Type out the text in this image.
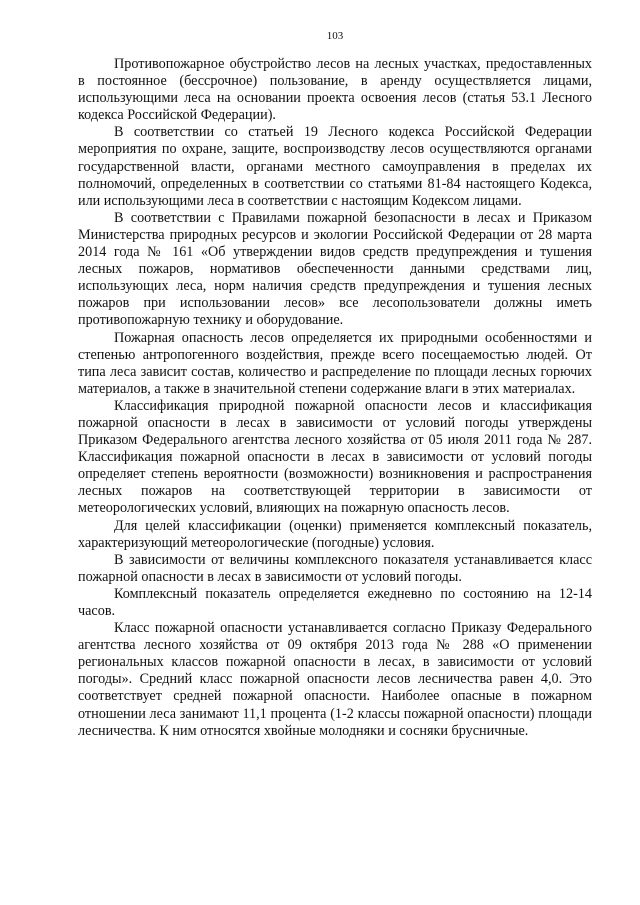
103

Противопожарное обустройство лесов на лесных участках, предоставленных в постоянное (бессрочное) пользование, в аренду осуществляется лицами, использующими леса на основании проекта освоения лесов (статья 53.1 Лесного кодекса Российской Федерации).

В соответствии со статьей 19 Лесного кодекса Российской Федерации мероприятия по охране, защите, воспроизводству лесов осуществляются органами государственной власти, органами местного самоуправления в пределах их полномочий, определенных в соответствии со статьями 81-84 настоящего Кодекса, или использующими леса в соответствии с настоящим Кодексом лицами.

В соответствии с Правилами пожарной безопасности в лесах и Приказом Министерства природных ресурсов и экологии Российской Федерации от 28 марта 2014 года № 161 «Об утверждении видов средств предупреждения и тушения лесных пожаров, нормативов обеспеченности данными средствами лиц, использующих леса, норм наличия средств предупреждения и тушения лесных пожаров при использовании лесов» все лесопользователи должны иметь противопожарную технику и оборудование.

Пожарная опасность лесов определяется их природными особенностями и степенью антропогенного воздействия, прежде всего посещаемостью людей. От типа леса зависит состав, количество и распределение по площади лесных горючих материалов, а также в значительной степени содержание влаги в этих материалах.

Классификация природной пожарной опасности лесов и классификация пожарной опасности в лесах в зависимости от условий погоды утверждены Приказом Федерального агентства лесного хозяйства от 05 июля 2011 года № 287. Классификация пожарной опасности в лесах в зависимости от условий погоды определяет степень вероятности (возможности) возникновения и распространения лесных пожаров на соответствующей территории в зависимости от метеорологических условий, влияющих на пожарную опасность лесов.

Для целей классификации (оценки) применяется комплексный показатель, характеризующий метеорологические (погодные) условия.

В зависимости от величины комплексного показателя устанавливается класс пожарной опасности в лесах в зависимости от условий погоды.

Комплексный показатель определяется ежедневно по состоянию на 12-14 часов.

Класс пожарной опасности устанавливается согласно Приказу Федерального агентства лесного хозяйства от 09 октября 2013 года № 288 «О применении региональных классов пожарной опасности в лесах, в зависимости от условий погоды». Средний класс пожарной опасности лесов лесничества равен 4,0. Это соответствует средней пожарной опасности. Наиболее опасные в пожарном отношении леса занимают 11,1 процента (1-2 классы пожарной опасности) площади лесничества. К ним относятся хвойные молодняки и сосняки брусничные.
